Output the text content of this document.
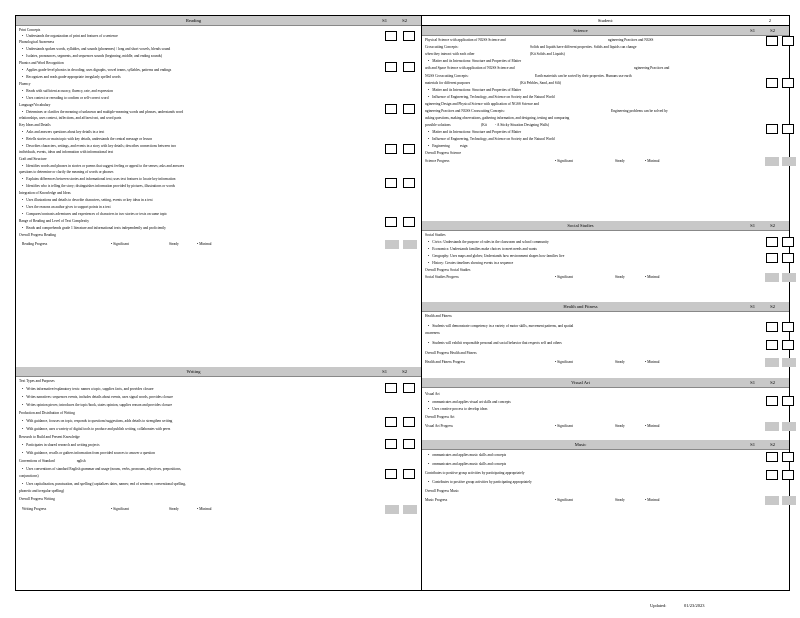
Reading	S1	S2
Print Concepts
• Understands the organization of print and features of a sentence
Phonological Awareness
• Understands spoken words, syllables, and sounds (phonemes) / long and short vowels, blends sound
• Isolates, pronounces, segments, and sequences sounds (beginning, middle, and ending sounds)
Phonics and Word Recognition
• Applies grade-level phonics in decoding; uses digraphs, vowel teams, syllables, patterns and endings
• Recognizes and reads grade-appropriate irregularly spelled words
Fluency
• Reads with sufficient accuracy, fluency, rate, and expression
• Uses context or rereading to confirm or self-correct word
Language/Vocabulary
• Determines or clarifies the meaning of unknown and multiple-meaning words and phrases, understands word
relationships, uses context, inflections, and affixes/root, and word parts
Key Ideas and Details
• Asks and answers questions about key details in a text
• Retells stories or main topic with key details, understands the central message or lesson
• Describes characters, settings, and events in a story with key details; describes connections between two
individuals, events, ideas and information with informational text
Craft and Structure
• Identifies words and phrases in stories or poems that suggest feeling or appeal to the senses; asks and answers
questions to determine or clarify the meaning of words or phrases
• Explains differences between stories and informational text; uses text features to locate key information
• Identifies who is telling the story; distinguishes information provided by pictures, illustrations or words
Integration of Knowledge and Ideas
• Uses illustrations and details to describe characters, setting, events or key ideas in a text
• Uses the reasons an author gives to support points in a text
• Compares/contrasts adventures and experiences of characters in two stories or texts on same topic
Range of Reading and Level of Text Complexity
• Reads and comprehends grade 1 literature and informational texts independently and proficiently
Overall Progress Reading
Reading Progress	• Significant	Steady	• Minimal
Writing	S1	S2
Text Types and Purposes
• Writes informative/explanatory texts: names a topic, supplies facts, and provides closure
• Writes narratives: sequences events, includes details about events, uses signal words, provides closure
• Writes opinion pieces; introduces the topic/book, states opinion, supplies reason and provides closure
Production and Distribution of Writing
• With guidance, focuses on topic, responds to questions/suggestions, adds details to strengthen writing
• With guidance, uses a variety of digital tools to produce and publish writing, collaborates with peers
Research to Build and Present Knowledge
• Participates in shared research and writing projects
• With guidance, recalls or gathers information from provided sources to answer a question
Conventions of Standard	nglish
• Uses conventions of standard English grammar and usage (nouns, verbs, pronouns, adjectives, prepositions,
conjunctions)
• Uses capitalization, punctuation, and spelling (capitalizes dates, names; end of sentence; conventional spelling,
phonetic and irregular spelling)
Overall Progress Writing
Writing Progress	• Significant	Steady	• Minimal
Student:	2
Science	S1	S2
Physical Science with application of NGSS Science and	ngineering Practices and NGSS
Crosscutting Concepts:	Solids and liquids have different properties. Solids and liquids can change
when they interact with each other	(Kit Solids and Liquids)
• Matter and its Interactions: Structure and Properties of Matter
arth and Space Science with application of NGSS Science and	ngineering Practices and
NGSS Crosscutting Concepts:	Earth materials can be sorted by their properties. Humans use earth
materials for different purposes	(Kit Pebbles, Sand, and Silt)
• Matter and its Interactions: Structure and Properties of Matter
• Influence of Engineering, Technology, and Science on Society and the Natural World
ngineering Design and Physical Science with application of NGSS Science and
ngineering Practices and NGSS Crosscutting Concepts:	Engineering problems can be solved by
asking questions, making observations, gathering information, and designing, testing and comparing
possible solutions	(Kit - A Sticky Situation Designing Walls)
• Matter and its Interactions: Structure and Properties of Matter
• Influence of Engineering, Technology, and Science on Society and the Natural World
• Engineering	esign
Overall Progress Science
Science Progress	• Significant	Steady	• Minimal
Social Studies	S1	S2
Social Studies
• Civics: Understands the purpose of rules in the classroom and school community
• Economics: Understands families make choices to meet needs and wants
• Geography: Uses maps and globes; Understands how environment shapes how families live
• History: Creates timelines showing events in a sequence
Overall Progress Social Studies
Social Studies Progress	• Significant	Steady	• Minimal
Health and Fitness	S1	S2
Health and Fitness
• Students will demonstrate competency in a variety of motor skills, movement patterns, and spatial
awareness
• Students will exhibit responsible personal and social behavior that respects self and others
Overall Progress Health and Fitness
Health and Fitness Progress	• Significant	Steady	• Minimal
Visual Art	S1	S2
Visual Art
• ommunicates and applies visual art skills and concepts
• Uses creative process to develop ideas
Overall Progress Art
Visual Art Progress	• Significant	Steady	• Minimal
Music	S1	S2
• ommunicates and applies music skills and concepts
• ommunicates and applies music skills and concepts
Contributes to positive group activities by participating appropriately
• Contributes to positive group activities by participating appropriately
Overall Progress Music
Music Progress	• Significant	Steady	• Minimal
Updated:	01/23/2023
